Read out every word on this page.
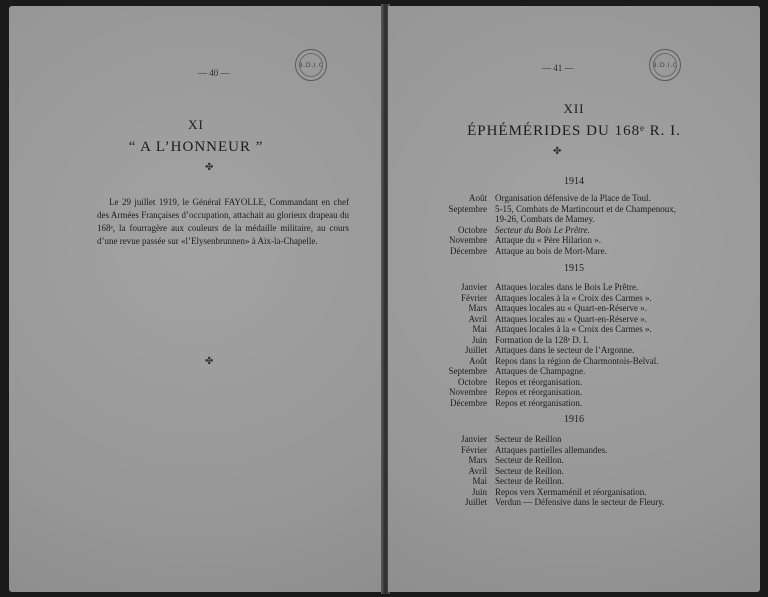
— 40 —
B.D.I.C
XI
“ A L’HONNEUR ”
✤
Le 29 juillet 1919, le Général FAYOLLE, Commandant en chef des Armées Françaises d’occupation, attachait au glorieux drapeau du 168ᵉ, la fourragère aux couleurs de la médaille militaire, au cours d’une revue passée sur «l’Elysenbrunnen» à Aix-la-Chapelle.
✤
— 41 —	B.D.I.C
XII
ÉPHÉMÉRIDES DU 168ᵉ R. I.
✤
1914
Août Organisation défensive de la Place de Toul.
Septembre 5-15, Combats de Martincourt et de Champenoux,
19-26, Combats de Mamey.
Octobre Secteur du Bois Le Prêtre.
Novembre Attaque du « Père Hilarion ».
Décembre Attaque au bois de Mort-Mare.
1915
Janvier Attaques locales dans le Bois Le Prêtre.
Février Attaques locales à la « Croix des Carmes ».
Mars Attaques locales au « Quart-en-Réserve ».
Avril Attaques locales au « Quart-en-Réserve ».
Mai Attaques locales à la « Croix des Carmes ».
Juin Formation de la 128ᵉ D. I.
Juillet Attaques dans le secteur de l’Argonne.
Août Repos dans la région de Charmontois-Belval.
Septembre Attaques de Champagne.
Octobre Repos et réorganisation.
Novembre Repos et réorganisation.
Décembre Repos et réorganisation.
1916
Janvier Secteur de Reillon
Février Attaques partielles allemandes.
Mars Secteur de Reillon.
Avril Secteur de Reillon.
Mai Secteur de Reillon.
Juin Repos vers Xermaménil et réorganisation.
Juillet Verdun — Défensive dans le secteur de Fleury.
